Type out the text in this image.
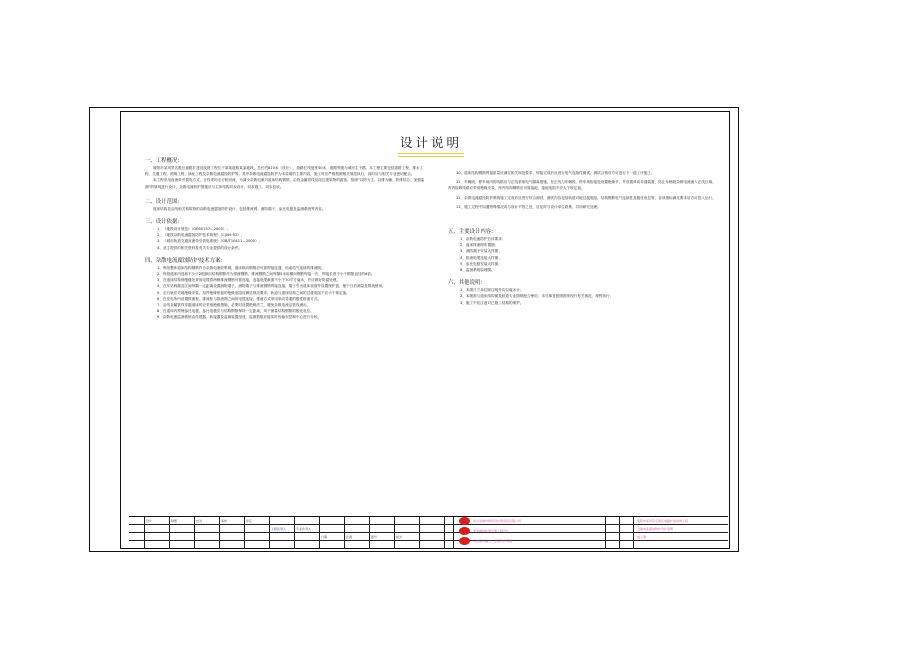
设计说明

一、工程概况:

简阳市某风景名胜区道路扩建及改建工程位于某某道路某某地段，总长约810米（设计），道路红线宽度40米，道路等级为城市主干路。本工程主要包括道路工程、排水工程、交通工程、照明工程、绿化工程及杂散电流腐蚀防护等。其中杂散电流腐蚀防护为本说明的主要内容，施工时应严格按照相关规范执行，同时应与相关专业密切配合。

本工程采用直流牵引供电方式，正线采用走行轨回流，为减少杂散电流对道床结构钢筋、沿线金属管线及周边建筑物的腐蚀，按照“以防为主、以排为辅、防排结合、加强监测”的原则进行设计，杂散电流防护措施应与主体结构同步设计、同步施工、同步验收。

二、设计范围:

道床结构及沿线相关构筑物的杂散电流腐蚀防护设计，包括排流网、测防端子、参比电极及监测系统等内容。

三、设计依据:

1、《地铁设计规范》（GB50157—2003）；

2、《地铁杂散电流腐蚀防护技术规程》（CJJ49-92）；

3、《城市轨道交通直流牵引供电系统》（GB/T10411—2005）；

4、业主提供的相关资料及有关专业提供的设计条件。

四、杂散电流腐蚀防护技术方案:

1、利用整体道床结构钢筋作为杂散电流收集网，道床纵向钢筋应可靠焊接连通，形成电气连续的排流网。

2、每段道床内选取不少于2根纵向结构钢筋作为排流钢筋，排流钢筋之间每隔5米用横向钢筋焊接一次，焊接长度不小于钢筋直径的6倍。

3、在道床结构伸缩缝处采用电缆将两侧排流钢筋可靠连接，连接电缆截面不小于70平方毫米，并应做好防腐处理。

4、在车站两端及区间每隔一定距离设置测防端子，测防端子与排流钢筋焊接连接，端子引出道床表面并设置保护盒，便于日后测量及排流使用。

5、走行轨应对地绝缘安装，扣件绝缘垫板的绝缘电阻应满足规范要求，轨道与道床结构之间的过渡电阻不应小于规定值。

6、在变电所内设置排流柜，排流柜与排流网之间用电缆连接，排流方式采用单向导通的极性排流方式。

7、沿线金属管线穿越道床时应采取绝缘措施，必要时设置绝缘法兰，避免杂散电流沿管线流出。

8、在道床内预埋参比电极，参比电极应与结构钢筋保持一定距离，用于测量结构钢筋的极化电位。

9、杂散电流监测系统由传感器、转接器及监测装置组成，监测数据应能实时传输至控制中心进行分析。

10、道床结构钢筋焊接质量应满足相关规范要求，焊接完成后应进行电气连续性测试，测试合格后方可进行下一道工序施工。

11、车辆段、停车场内的线路应与正线采取电气隔离措施，在正线与车辆段、停车场衔接处设置绝缘节，并设置单向导通装置，防止车辆段杂散电流流入正线区域。库内检修线路应采用绝缘安装，库内结构钢筋应可靠接地，接地电阻不应大于规定值。

12、杂散电流腐蚀防护系统施工完成后应进行综合测试，测试内容包括轨道对地过渡电阻、结构钢筋电气连续性及极化电位等，各项指标满足要求后方可投入运行。

13、施工过程中如遇特殊情况或与设计不符之处，应及时与设计单位联系，共同研究处理。

五、主要设计内容:

1、杂散电流防护总体要求；

2、道床排流网布置图；

3、测防端子安装大样图；

4、排流电缆连接大样图；

5、参比电极安装大样图；

6、监测系统原理图。

六、其他说明:

1、本图尺寸单位除注明外均以毫米计；

2、本图需与道床结构图及轨道专业图纸配合使用，未尽事宜按照国家现行有关规范、规程执行；

3、施工中应注意对已施工结构的保护。

设计	制图	校对	审核	审定
工程负责人	专业负责人
日期	比例	图号	版次
四川省城市建筑设计研究院有限公司
某某城市轨道交通工程设计
资质证书编号：工程设计甲级
简阳市某风景名胜区道路扩建改建工程
杂散电流腐蚀防护设计说明
施工图
